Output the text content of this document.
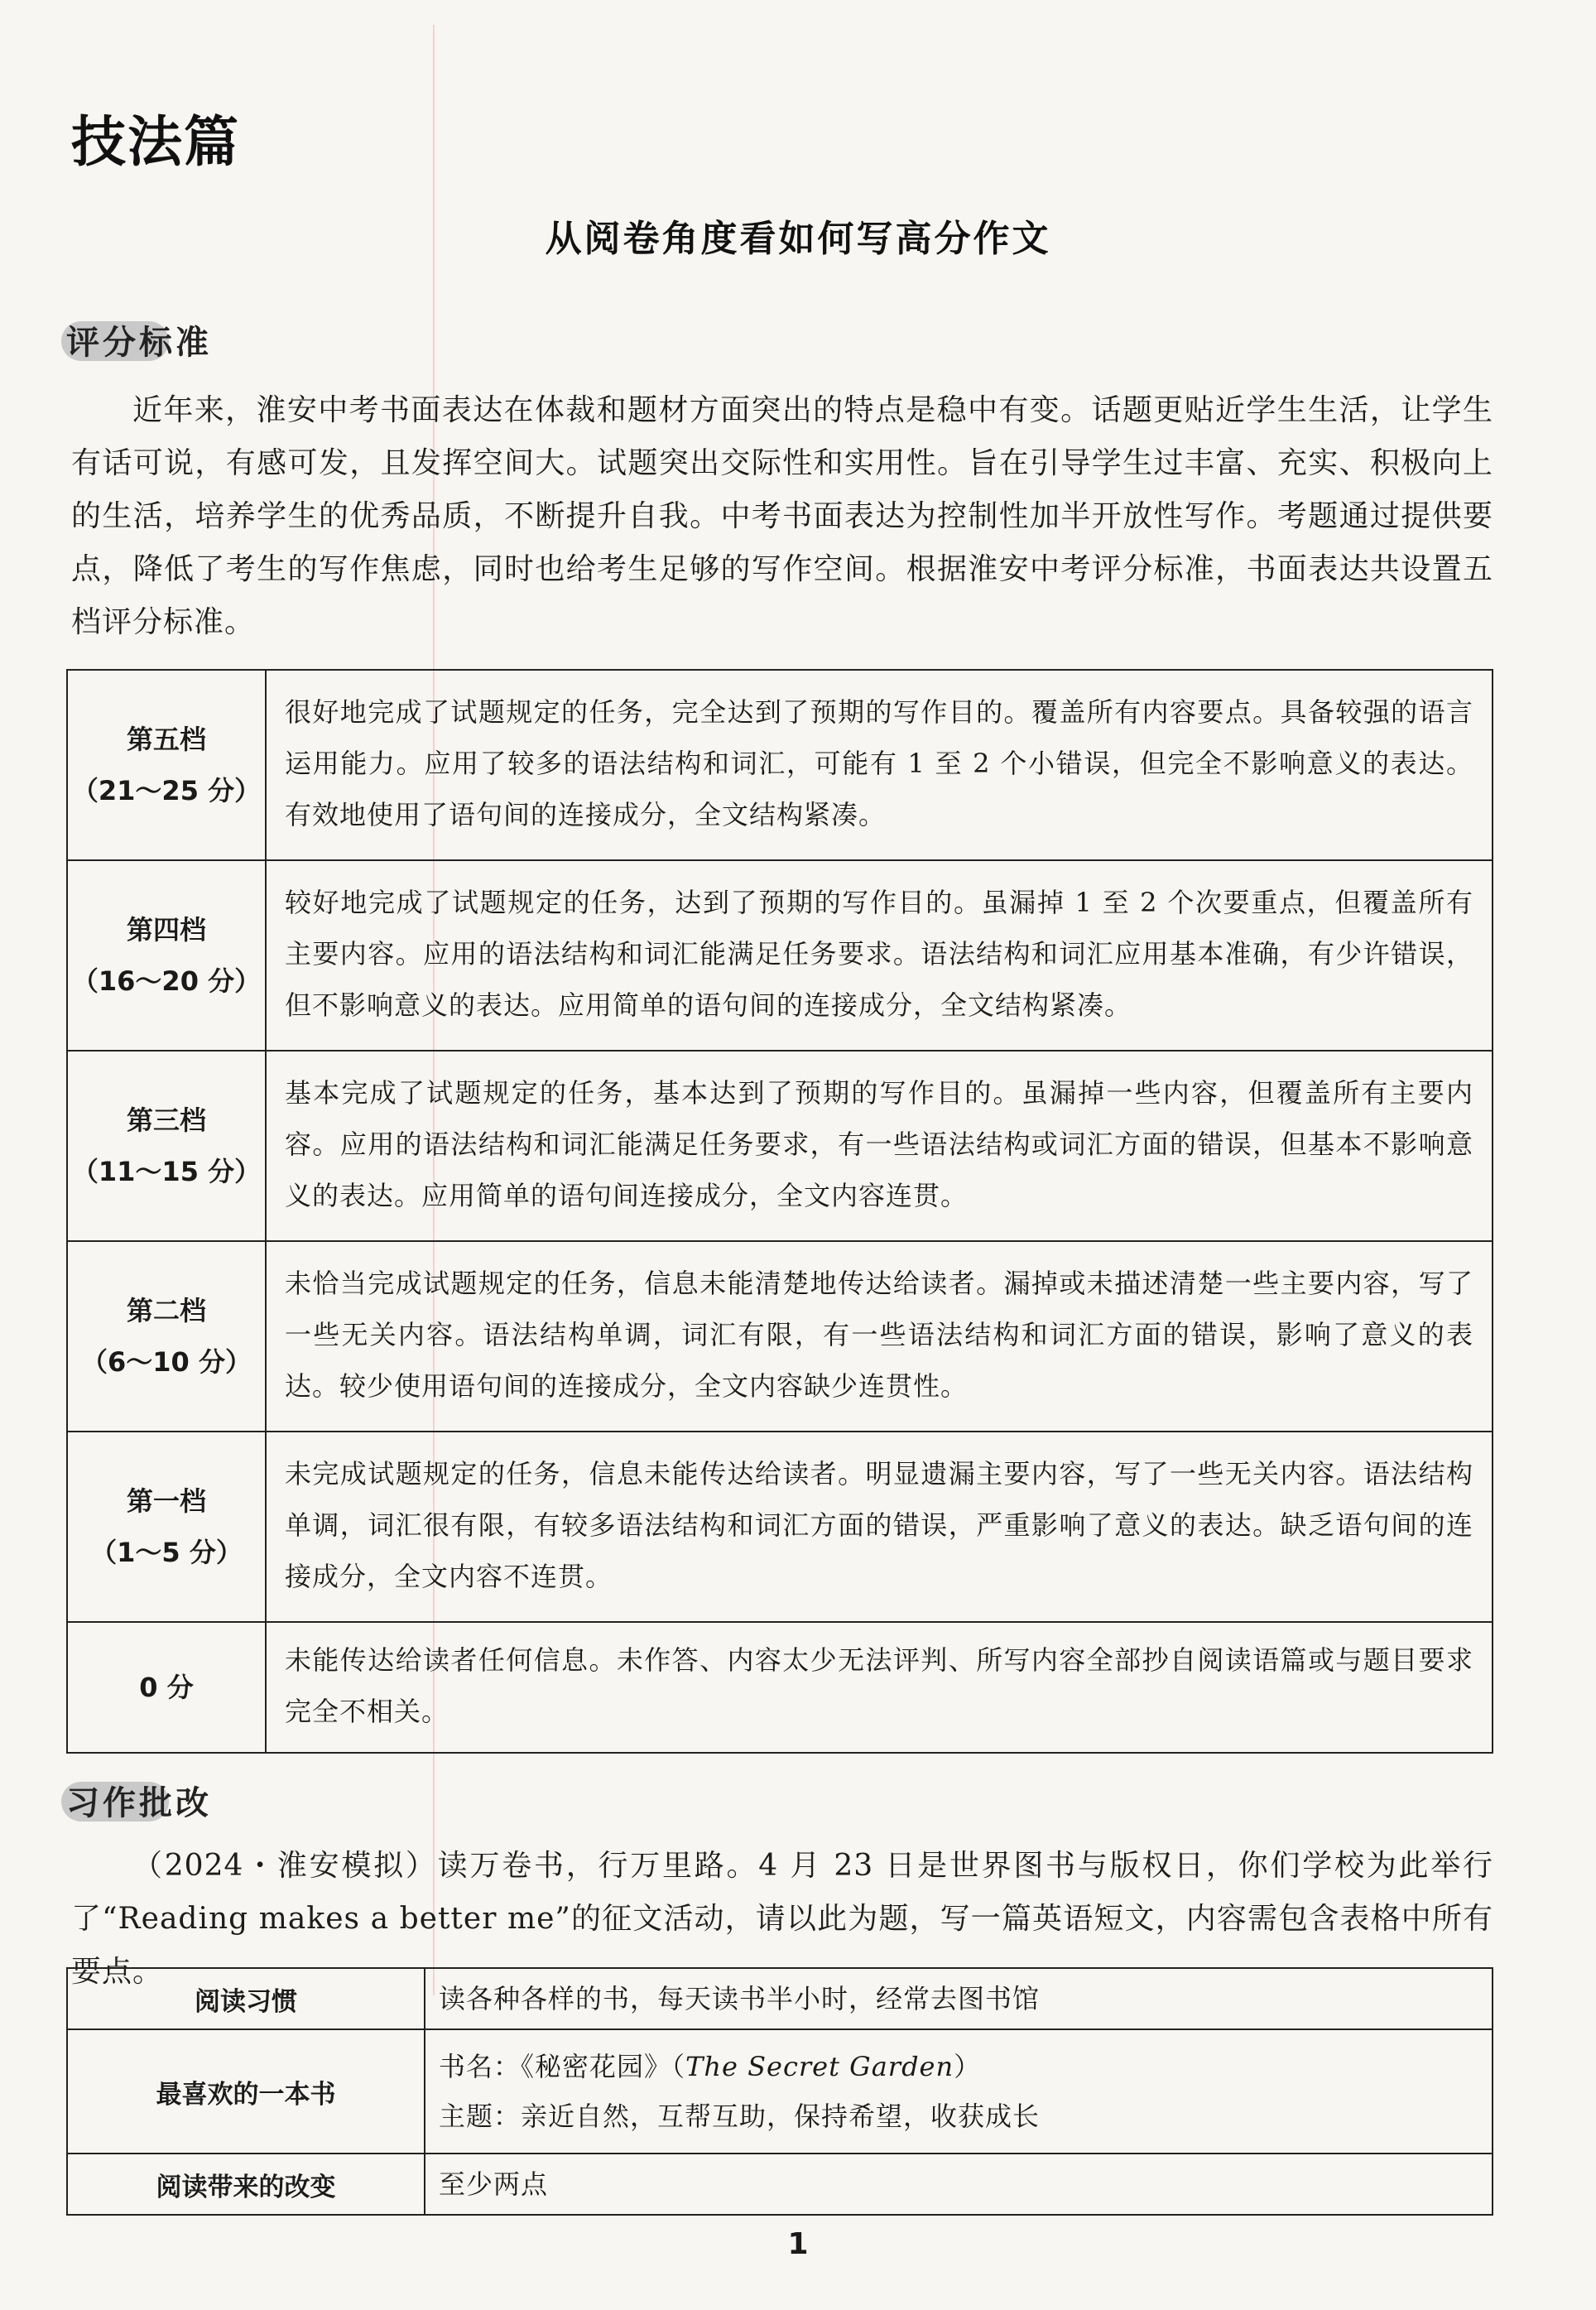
技法篇
从阅卷角度看如何写高分作文
评分标准
近年来，淮安中考书面表达在体裁和题材方面突出的特点是稳中有变。话题更贴近学生生活，让学生有话可说，有感可发，且发挥空间大。试题突出交际性和实用性。旨在引导学生过丰富、充实、积极向上的生活，培养学生的优秀品质，不断提升自我。中考书面表达为控制性加半开放性写作。考题通过提供要点，降低了考生的写作焦虑，同时也给考生足够的写作空间。根据淮安中考评分标准，书面表达共设置五档评分标准。
第五档
（21～25 分）	很好地完成了试题规定的任务，完全达到了预期的写作目的。覆盖所有内容要点。具备较强的语言运用能力。应用了较多的语法结构和词汇，可能有 1 至 2 个小错误，但完全不影响意义的表达。有效地使用了语句间的连接成分，全文结构紧凑。

第四档
（16～20 分）	较好地完成了试题规定的任务，达到了预期的写作目的。虽漏掉 1 至 2 个次要重点，但覆盖所有主要内容。应用的语法结构和词汇能满足任务要求。语法结构和词汇应用基本准确，有少许错误，但不影响意义的表达。应用简单的语句间的连接成分，全文结构紧凑。

第三档
（11～15 分）	基本完成了试题规定的任务，基本达到了预期的写作目的。虽漏掉一些内容，但覆盖所有主要内容。应用的语法结构和词汇能满足任务要求，有一些语法结构或词汇方面的错误，但基本不影响意义的表达。应用简单的语句间连接成分，全文内容连贯。

第二档
（6～10 分）	未恰当完成试题规定的任务，信息未能清楚地传达给读者。漏掉或未描述清楚一些主要内容，写了一些无关内容。语法结构单调，词汇有限，有一些语法结构和词汇方面的错误，影响了意义的表达。较少使用语句间的连接成分，全文内容缺少连贯性。

第一档
（1～5 分）	未完成试题规定的任务，信息未能传达给读者。明显遗漏主要内容，写了一些无关内容。语法结构单调，词汇很有限，有较多语法结构和词汇方面的错误，严重影响了意义的表达。缺乏语句间的连接成分，全文内容不连贯。

0 分	未能传达给读者任何信息。未作答、内容太少无法评判、所写内容全部抄自阅读语篇或与题目要求完全不相关。
习作批改
（2024・淮安模拟）读万卷书，行万里路。4 月 23 日是世界图书与版权日，你们学校为此举行了“Reading makes a better me”的征文活动，请以此为题，写一篇英语短文，内容需包含表格中所有要点。
阅读习惯	读各种各样的书，每天读书半小时，经常去图书馆
最喜欢的一本书	书名：《秘密花园》（The Secret Garden）
主题：亲近自然，互帮互助，保持希望，收获成长

阅读带来的改变	至少两点
1
